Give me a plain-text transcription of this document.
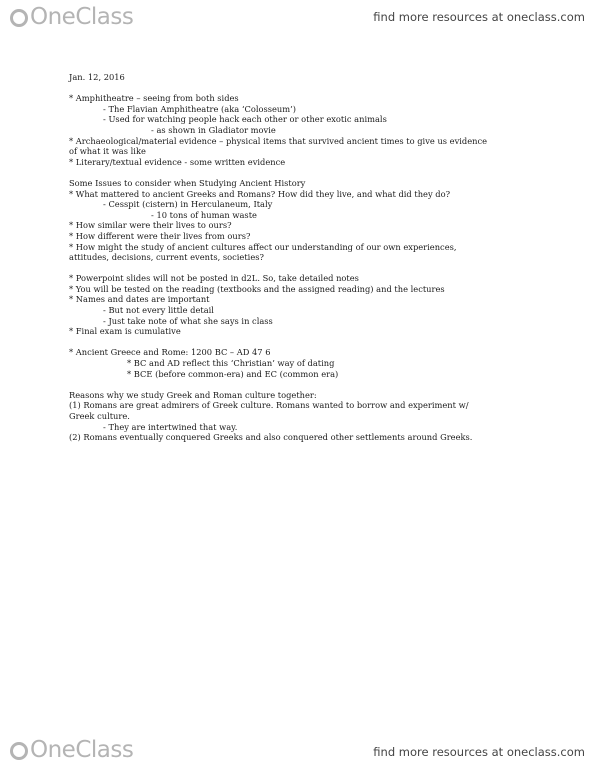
OneClass	find more resources at oneclass.com
Jan. 12, 2016
* Amphitheatre – seeing from both sides
- The Flavian Amphitheatre (aka ‘Colosseum’)
- Used for watching people hack each other or other exotic animals
- as shown in Gladiator movie
* Archaeological/material evidence – physical items that survived ancient times to give us evidence
of what it was like
* Literary/textual evidence - some written evidence
Some Issues to consider when Studying Ancient History
* What mattered to ancient Greeks and Romans? How did they live, and what did they do?
- Cesspit (cistern) in Herculaneum, Italy
- 10 tons of human waste
* How similar were their lives to ours?
* How different were their lives from ours?
* How might the study of ancient cultures affect our understanding of our own experiences,
attitudes, decisions, current events, societies?
* Powerpoint slides will not be posted in d2L. So, take detailed notes
* You will be tested on the reading (textbooks and the assigned reading) and the lectures
* Names and dates are important
- But not every little detail
- Just take note of what she says in class
* Final exam is cumulative
* Ancient Greece and Rome: 1200 BC – AD 47 6
* BC and AD reflect this ‘Christian’ way of dating
* BCE (before common-era) and EC (common era)
Reasons why we study Greek and Roman culture together:
(1) Romans are great admirers of Greek culture. Romans wanted to borrow and experiment w/
Greek culture.
- They are intertwined that way.
(2) Romans eventually conquered Greeks and also conquered other settlements around Greeks.
OneClass	find more resources at oneclass.com
